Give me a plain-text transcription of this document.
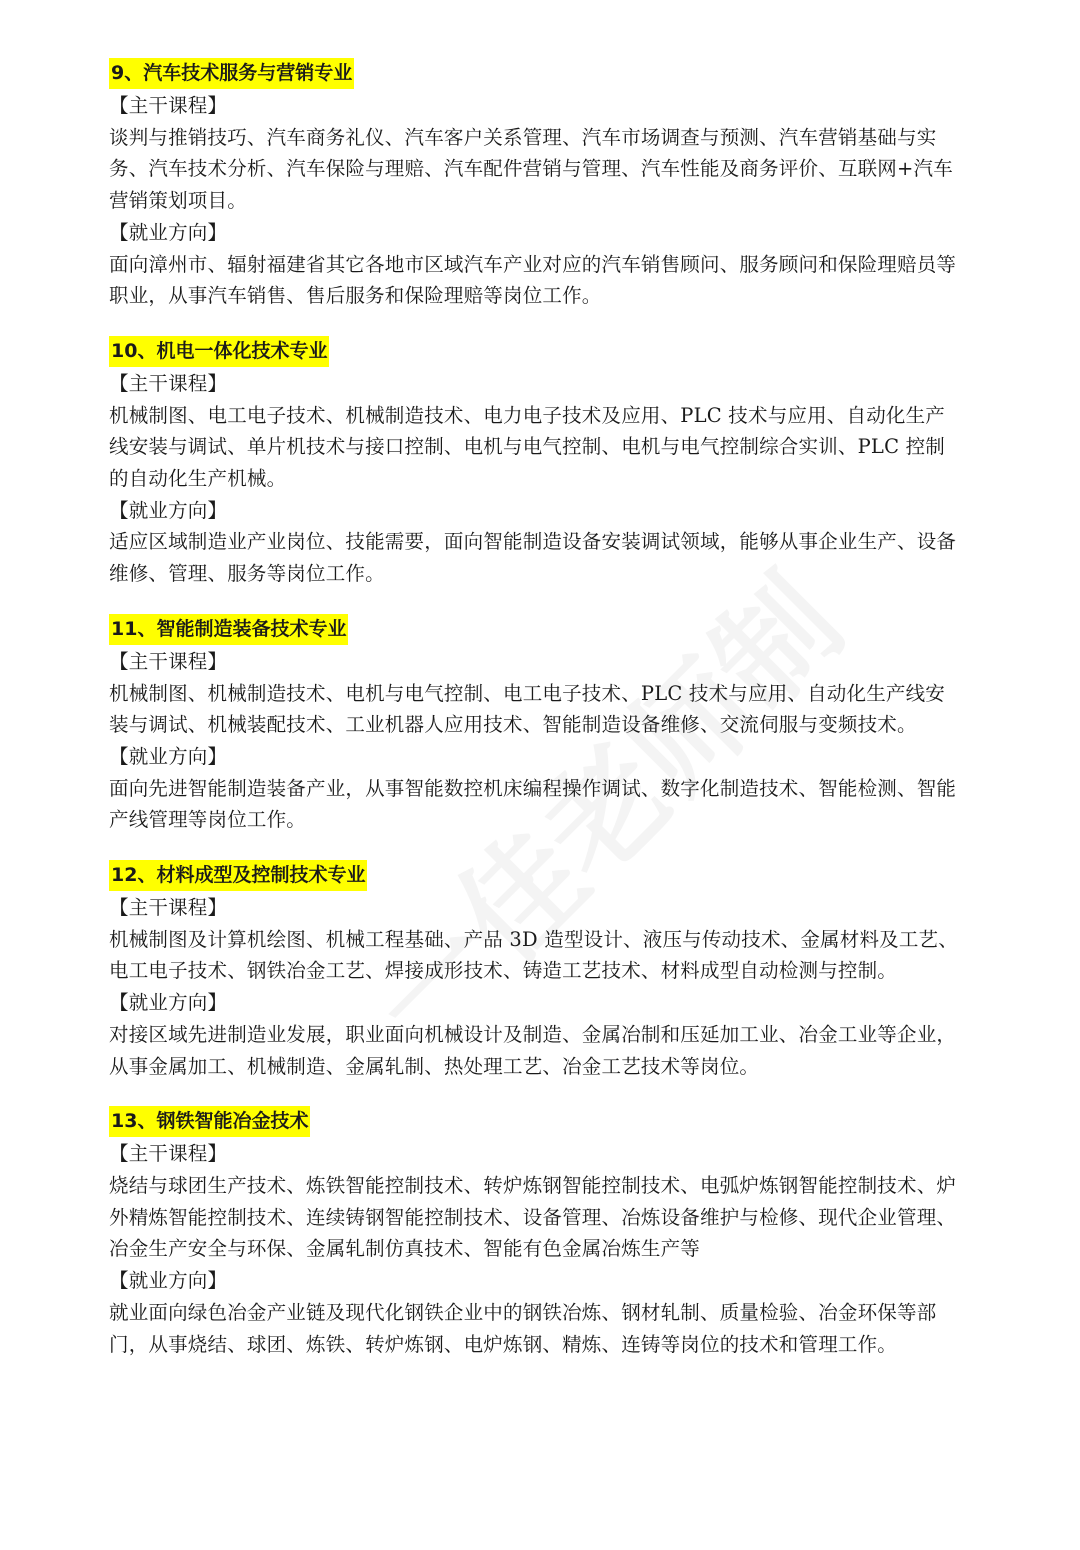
9、汽车技术服务与营销专业

【主干课程】

谈判与推销技巧、汽车商务礼仪、汽车客户关系管理、汽车市场调查与预测、汽车营销基础与实务、汽车技术分析、汽车保险与理赔、汽车配件营销与管理、汽车性能及商务评价、互联网+汽车营销策划项目。

【就业方向】

面向漳州市、辐射福建省其它各地市区域汽车产业对应的汽车销售顾问、服务顾问和保险理赔员等职业，从事汽车销售、售后服务和保险理赔等岗位工作。

10、机电一体化技术专业

【主干课程】

机械制图、电工电子技术、机械制造技术、电力电子技术及应用、PLC 技术与应用、自动化生产线安装与调试、单片机技术与接口控制、电机与电气控制、电机与电气控制综合实训、PLC 控制的自动化生产机械。

【就业方向】

适应区域制造业产业岗位、技能需要，面向智能制造设备安装调试领域，能够从事企业生产、设备维修、管理、服务等岗位工作。

11、智能制造装备技术专业

【主干课程】

机械制图、机械制造技术、电机与电气控制、电工电子技术、PLC 技术与应用、自动化生产线安装与调试、机械装配技术、工业机器人应用技术、智能制造设备维修、交流伺服与变频技术。

【就业方向】

面向先进智能制造装备产业，从事智能数控机床编程操作调试、数字化制造技术、智能检测、智能产线管理等岗位工作。

12、材料成型及控制技术专业

【主干课程】

机械制图及计算机绘图、机械工程基础、产品 3D 造型设计、液压与传动技术、金属材料及工艺、电工电子技术、钢铁冶金工艺、焊接成形技术、铸造工艺技术、材料成型自动检测与控制。

【就业方向】

对接区域先进制造业发展，职业面向机械设计及制造、金属冶制和压延加工业、冶金工业等企业，从事金属加工、机械制造、金属轧制、热处理工艺、冶金工艺技术等岗位。

13、钢铁智能冶金技术

【主干课程】

烧结与球团生产技术、炼铁智能控制技术、转炉炼钢智能控制技术、电弧炉炼钢智能控制技术、炉外精炼智能控制技术、连续铸钢智能控制技术、设备管理、冶炼设备维护与检修、现代企业管理、冶金生产安全与环保、金属轧制仿真技术、智能有色金属冶炼生产等

【就业方向】

就业面向绿色冶金产业链及现代化钢铁企业中的钢铁冶炼、钢材轧制、质量检验、冶金环保等部门，从事烧结、球团、炼铁、转炉炼钢、电炉炼钢、精炼、连铸等岗位的技术和管理工作。
